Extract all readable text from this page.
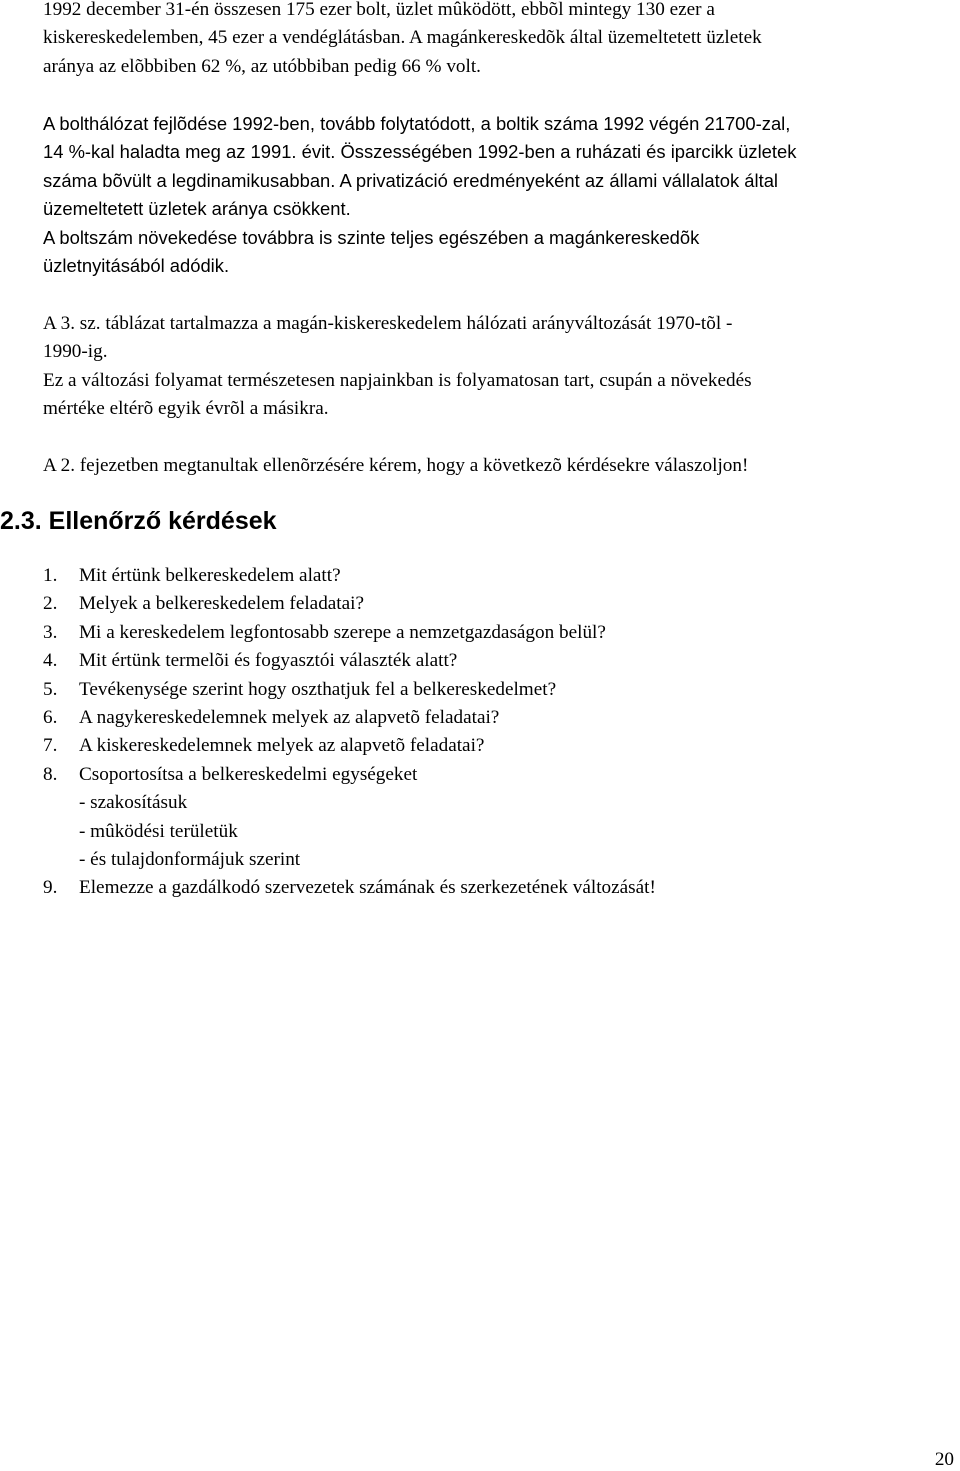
1992 december 31-én összesen 175 ezer bolt, üzlet mûködött, ebbõl mintegy 130 ezer a
kiskereskedelemben, 45 ezer a vendéglátásban. A magánkereskedõk által üzemeltetett üzletek
aránya az elõbbiben 62 %, az utóbbiban pedig 66 % volt.
A bolthálózat fejlõdése 1992-ben, tovább folytatódott, a boltik száma 1992 végén 21700-zal,
14 %-kal haladta meg az 1991. évit. Összességében 1992-ben a ruházati és iparcikk üzletek
száma bõvült a legdinamikusabban. A privatizáció eredményeként az állami vállalatok által
üzemeltetett üzletek aránya csökkent.
A boltszám növekedése továbbra is szinte teljes egészében a magánkereskedõk
üzletnyitásából adódik.
A 3. sz. táblázat tartalmazza a magán-kiskereskedelem hálózati arányváltozását 1970-tõl -
1990-ig.
Ez a változási folyamat természetesen napjainkban is folyamatosan tart, csupán a növekedés
mértéke eltérõ egyik évrõl a másikra.
A 2. fejezetben megtanultak ellenõrzésére kérem, hogy a következõ kérdésekre válaszoljon!
2.3. Ellenőrző kérdések
1.	Mit értünk belkereskedelem alatt?
2.	Melyek a belkereskedelem feladatai?
3.	Mi a kereskedelem legfontosabb szerepe a nemzetgazdaságon belül?
4.	Mit értünk termelõi és fogyasztói választék alatt?
5.	Tevékenysége szerint hogy oszthatjuk fel a belkereskedelmet?
6.	A nagykereskedelemnek melyek az alapvetõ feladatai?
7.	A kiskereskedelemnek melyek az alapvetõ feladatai?
8.	Csoportosítsa a belkereskedelmi egységeket
- szakosításuk
- mûködési területük
- és tulajdonformájuk szerint
9.	Elemezze a gazdálkodó szervezetek számának és szerkezetének változását!

20
